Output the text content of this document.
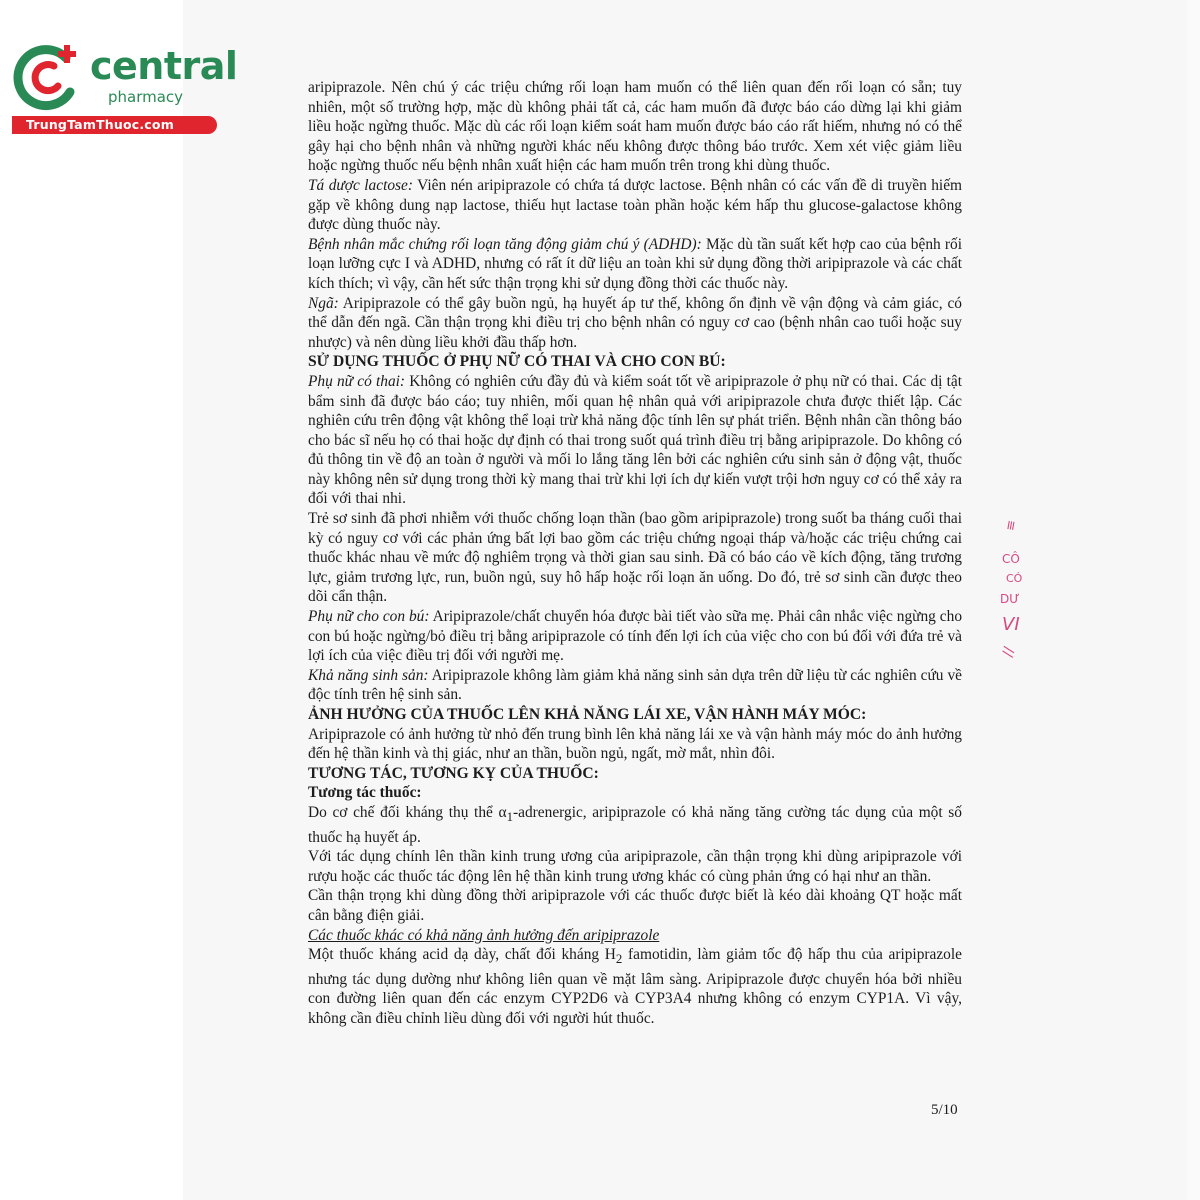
central
pharmacy
TrungTamThuoc.com

aripiprazole. Nên chú ý các triệu chứng rối loạn ham muốn có thể liên quan đến rối loạn có sẵn; tuy nhiên, một số trường hợp, mặc dù không phải tất cả, các ham muốn đã được báo cáo dừng lại khi giảm liều hoặc ngừng thuốc. Mặc dù các rối loạn kiểm soát ham muốn được báo cáo rất hiếm, nhưng nó có thể gây hại cho bệnh nhân và những người khác nếu không được thông báo trước. Xem xét việc giảm liều hoặc ngừng thuốc nếu bệnh nhân xuất hiện các ham muốn trên trong khi dùng thuốc.

Tá dược lactose: Viên nén aripiprazole có chứa tá dược lactose. Bệnh nhân có các vấn đề di truyền hiếm gặp về không dung nạp lactose, thiếu hụt lactase toàn phần hoặc kém hấp thu glucose-galactose không được dùng thuốc này.

Bệnh nhân mắc chứng rối loạn tăng động giảm chú ý (ADHD): Mặc dù tần suất kết hợp cao của bệnh rối loạn lưỡng cực I và ADHD, nhưng có rất ít dữ liệu an toàn khi sử dụng đồng thời aripiprazole và các chất kích thích; vì vậy, cần hết sức thận trọng khi sử dụng đồng thời các thuốc này.

Ngã: Aripiprazole có thể gây buồn ngủ, hạ huyết áp tư thế, không ổn định về vận động và cảm giác, có thể dẫn đến ngã. Cần thận trọng khi điều trị cho bệnh nhân có nguy cơ cao (bệnh nhân cao tuổi hoặc suy nhược) và nên dùng liều khởi đầu thấp hơn.

SỬ DỤNG THUỐC Ở PHỤ NỮ CÓ THAI VÀ CHO CON BÚ:

Phụ nữ có thai: Không có nghiên cứu đầy đủ và kiểm soát tốt về aripiprazole ở phụ nữ có thai. Các dị tật bẩm sinh đã được báo cáo; tuy nhiên, mối quan hệ nhân quả với aripiprazole chưa được thiết lập. Các nghiên cứu trên động vật không thể loại trừ khả năng độc tính lên sự phát triển. Bệnh nhân cần thông báo cho bác sĩ nếu họ có thai hoặc dự định có thai trong suốt quá trình điều trị bằng aripiprazole. Do không có đủ thông tin về độ an toàn ở người và mối lo lắng tăng lên bởi các nghiên cứu sinh sản ở động vật, thuốc này không nên sử dụng trong thời kỳ mang thai trừ khi lợi ích dự kiến vượt trội hơn nguy cơ có thể xảy ra đối với thai nhi.

Trẻ sơ sinh đã phơi nhiễm với thuốc chống loạn thần (bao gồm aripiprazole) trong suốt ba tháng cuối thai kỳ có nguy cơ với các phản ứng bất lợi bao gồm các triệu chứng ngoại tháp và/hoặc các triệu chứng cai thuốc khác nhau về mức độ nghiêm trọng và thời gian sau sinh. Đã có báo cáo về kích động, tăng trương lực, giảm trương lực, run, buồn ngủ, suy hô hấp hoặc rối loạn ăn uống. Do đó, trẻ sơ sinh cần được theo dõi cẩn thận.

Phụ nữ cho con bú: Aripiprazole/chất chuyển hóa được bài tiết vào sữa mẹ. Phải cân nhắc việc ngừng cho con bú hoặc ngừng/bỏ điều trị bằng aripiprazole có tính đến lợi ích của việc cho con bú đối với đứa trẻ và lợi ích của việc điều trị đối với người mẹ.

Khả năng sinh sản: Aripiprazole không làm giảm khả năng sinh sản dựa trên dữ liệu từ các nghiên cứu về độc tính trên hệ sinh sản.

ẢNH HƯỞNG CỦA THUỐC LÊN KHẢ NĂNG LÁI XE, VẬN HÀNH MÁY MÓC:

Aripiprazole có ảnh hưởng từ nhỏ đến trung bình lên khả năng lái xe và vận hành máy móc do ảnh hưởng đến hệ thần kinh và thị giác, như an thần, buồn ngủ, ngất, mờ mắt, nhìn đôi.

TƯƠNG TÁC, TƯƠNG KỴ CỦA THUỐC:

Tương tác thuốc:

Do cơ chế đối kháng thụ thể $\alpha_1$-adrenergic, aripiprazole có khả năng tăng cường tác dụng của một số thuốc hạ huyết áp.

Với tác dụng chính lên thần kinh trung ương của aripiprazole, cần thận trọng khi dùng aripiprazole với rượu hoặc các thuốc tác động lên hệ thần kinh trung ương khác có cùng phản ứng có hại như an thần.

Cần thận trọng khi dùng đồng thời aripiprazole với các thuốc được biết là kéo dài khoảng QT hoặc mất cân bằng điện giải.

Các thuốc khác có khả năng ảnh hưởng đến aripiprazole

Một thuốc kháng acid dạ dày, chất đối kháng $H_2$ famotidin, làm giảm tốc độ hấp thu của aripiprazole nhưng tác dụng dường như không liên quan về mặt lâm sàng. Aripiprazole được chuyển hóa bởi nhiều con đường liên quan đến các enzym CYP2D6 và CYP3A4 nhưng không có enzym CYP1A. Vì vậy, không cần điều chỉnh liều dùng đối với người hút thuốc.

5/10
≡
CÔ
CÓ
DƯ
VI
//
